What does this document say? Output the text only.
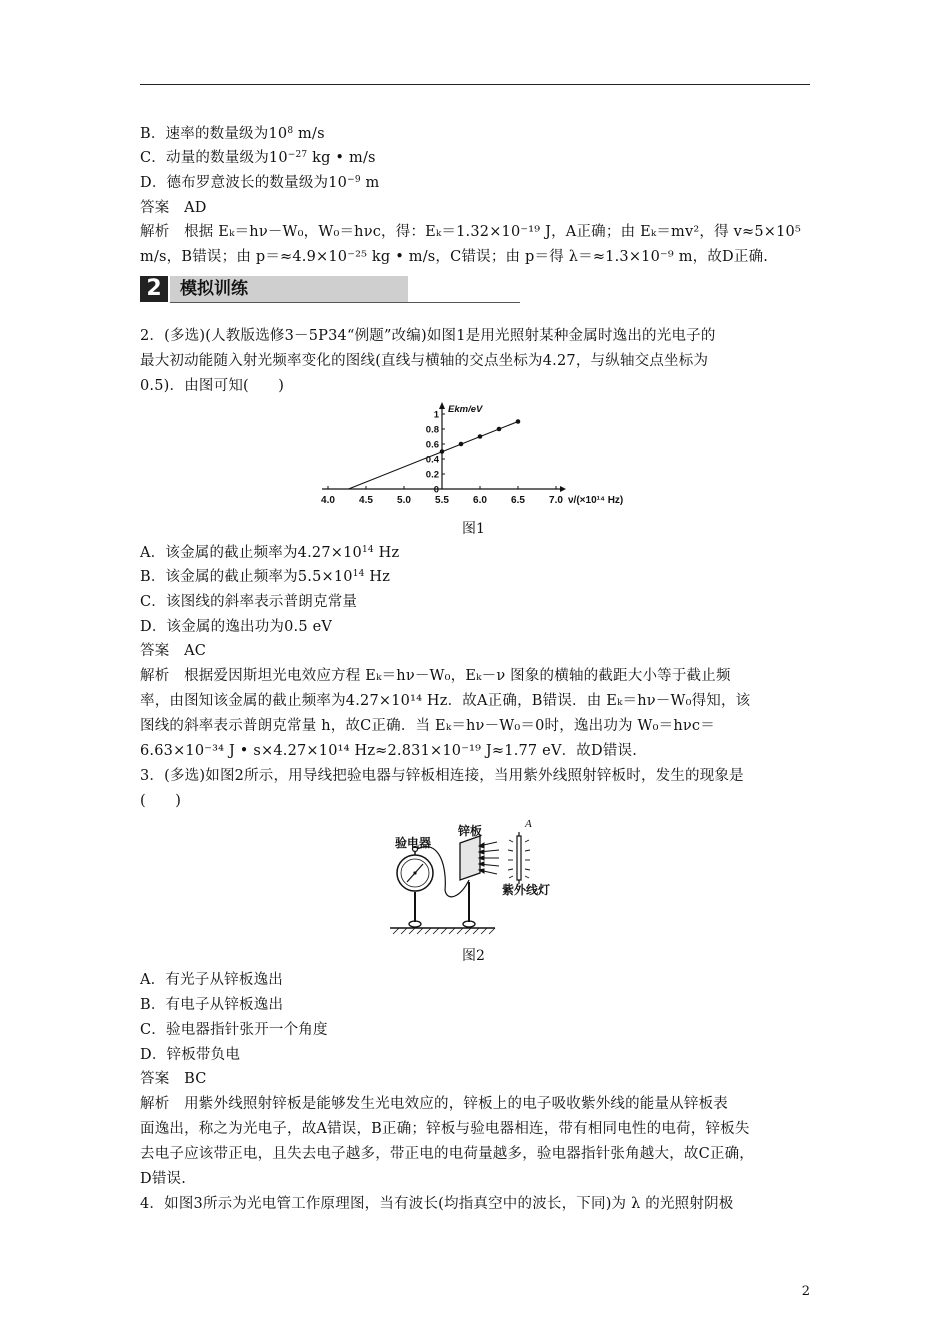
B．速率的数量级为$10^8$ m/s
C．动量的数量级为$10^{-27}$ kg • m/s
D．德布罗意波长的数量级为$10^{-9}$ m
答案　AD
解析　根据 Eₖ＝hν－W₀，W₀＝hνc，得：Eₖ＝1.32×10⁻¹⁹ J，A正确；由 Eₖ＝mv²，得 v≈5×10⁵
m/s，B错误；由 p＝≈4.9×10⁻²⁵ kg • m/s，C错误；由 p＝得 λ＝≈1.3×10⁻⁹ m，故D正确.
2	模拟训练
2．(多选)(人教版选修3－5P34“例题”改编)如图1是用光照射某种金属时逸出的光电子的
最大初动能随入射光频率变化的图线(直线与横轴的交点坐标为4.27，与纵轴交点坐标为
0.5)．由图可知(　　)
4.0 4.5 5.0 5.5 6.0 6.5 7.0
1
0.8
0.6
0.4
0.2
0
Ekm/eV
ν/(×10¹⁴ Hz)
图1
A．该金属的截止频率为$4.27\times 10^{14}$ Hz
B．该金属的截止频率为$5.5\times 10^{14}$ Hz
C．该图线的斜率表示普朗克常量
D．该金属的逸出功为0.5 eV
答案　AC
解析　根据爱因斯坦光电效应方程 Eₖ＝hν－W₀，Eₖ－ν 图象的横轴的截距大小等于截止频
率，由图知该金属的截止频率为4.27×10¹⁴ Hz．故A正确，B错误．由 Eₖ＝hν－W₀得知，该
图线的斜率表示普朗克常量 h，故C正确．当 Eₖ＝hν－W₀＝0时，逸出功为 W₀＝hνc＝
6.63×10⁻³⁴ J • s×4.27×10¹⁴ Hz≈2.831×10⁻¹⁹ J≈1.77 eV．故D错误.
3．(多选)如图2所示，用导线把验电器与锌板相连接，当用紫外线照射锌板时，发生的现象是
(　　)
验电器
锌板	A
紫外线灯
图2
A．有光子从锌板逸出
B．有电子从锌板逸出
C．验电器指针张开一个角度
D．锌板带负电
答案　BC
解析　用紫外线照射锌板是能够发生光电效应的，锌板上的电子吸收紫外线的能量从锌板表
面逸出，称之为光电子，故A错误，B正确；锌板与验电器相连，带有相同电性的电荷，锌板失
去电子应该带正电，且失去电子越多，带正电的电荷量越多，验电器指针张角越大，故C正确，
D错误.
4．如图3所示为光电管工作原理图，当有波长(均指真空中的波长，下同)为 λ 的光照射阴极
2
